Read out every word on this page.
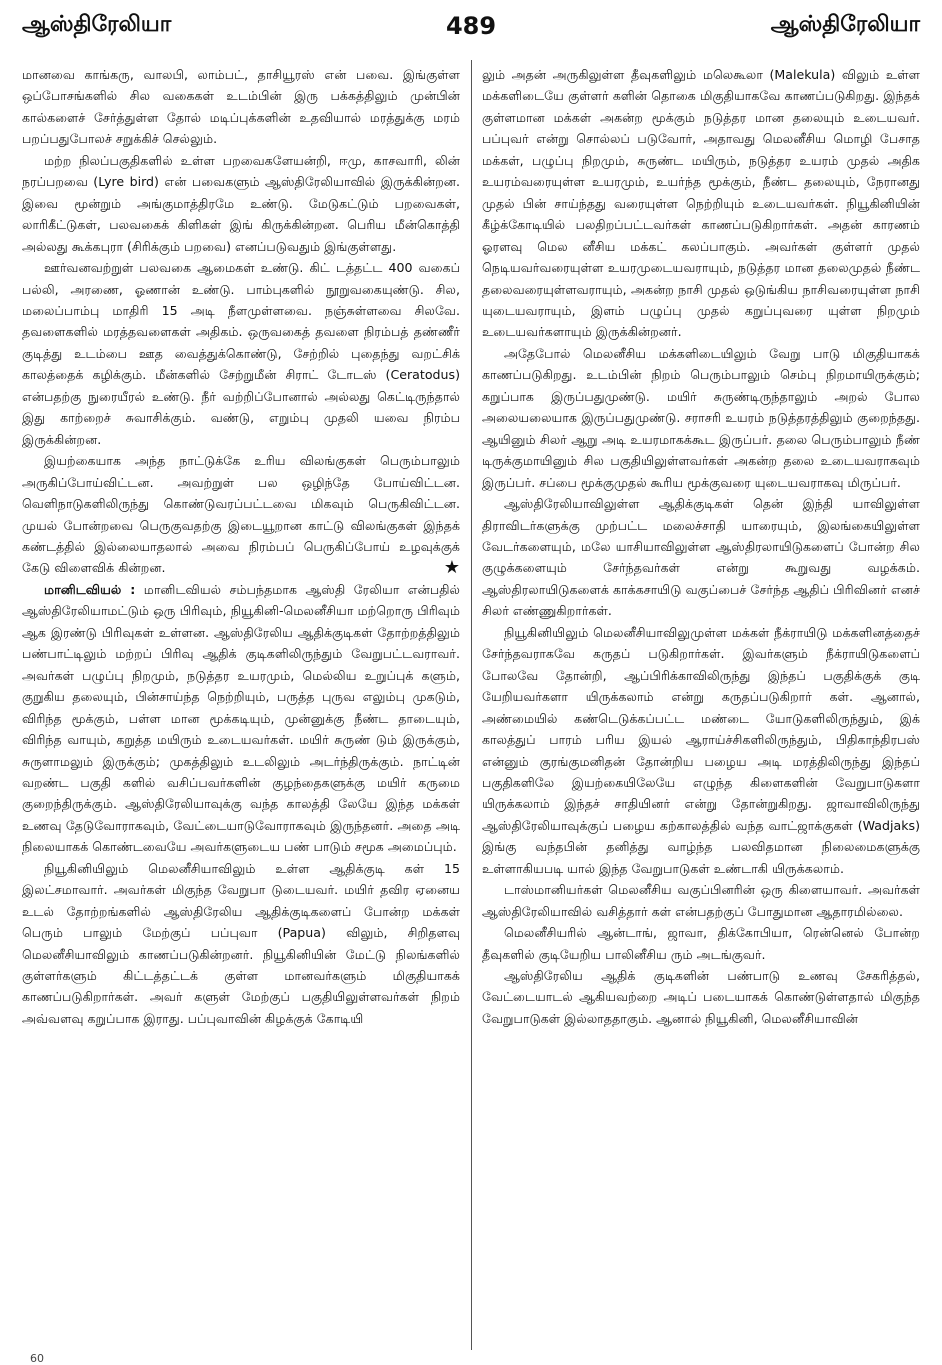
ஆஸ்திரேலியா	489	ஆஸ்திரேலியா

மானவை காங்கரு, வாலபி, லாம்பட், தாசியூரஸ் என் பவை. இங்குள்ள ஒப்போசங்களில் சில வகைகள் உடம்பின் இரு பக்கத்திலும் முன்பின் கால்களைச் சேர்த்துள்ள தோல் மடிப்புக்களின் உதவியால் மரத்துக்கு மரம் பறப்பதுபோலச் சறுக்கிச் செல்லும்.

மற்ற நிலப்பகுதிகளில் உள்ள பறவைகளேயன்றி, ஈமு, காசவாரி, லின் நரப்பறவை (Lyre bird) என் பவைகளும் ஆஸ்திரேலியாவில் இருக்கின்றன. இவை மூன்றும் அங்குமாத்திரமே உண்டு. மேடுகட்டும் பறவைகள், லாரிகீட்டுகள், பலவகைக் கிளிகள் இங் கிருக்கின்றன. பெரிய மீன்கொத்தி அல்லது கூக்கபுரா (சிரிக்கும் பறவை) எனப்படுவதும் இங்குள்ளது.

ஊர்வனவற்றுள் பலவகை ஆமைகள் உண்டு. கிட் டத்தட்ட 400 வகைப் பல்லி, அரணை, ஓணான் உண்டு. பாம்புகளில் நூறுவகையுண்டு. சில, மலைப்பாம்பு மாதிரி 15 அடி நீளமுள்ளவை. நஞ்சுள்ளவை சிலவே. தவளைகளில் மரத்தவளைகள் அதிகம். ஒருவகைத் தவளை நிரம்பத் தண்ணீர் குடித்து உடம்பை ஊத வைத்துக்கொண்டு, சேற்றில் புதைந்து வறட்சிக் காலத்தைக் கழிக்கும். மீன்களில் சேற்றுமீன் சிராட் டோடஸ் (Ceratodus) என்பதற்கு நுரையீரல் உண்டு. நீர் வற்றிப்போனால் அல்லது கெட்டிருந்தால் இது காற்றைச் சுவாசிக்கும். வண்டு, எறும்பு முதலி யவை நிரம்ப இருக்கின்றன.

இயற்கையாக அந்த நாட்டுக்கே உரிய விலங்குகள் பெரும்பாலும் அருகிப்போய்விட்டன. அவற்றுள் பல ஒழிந்தே போய்விட்டன. வெளிநாடுகளிலிருந்து கொண்டுவரப்பட்டவை மிகவும் பெருகிவிட்டன. முயல் போன்றவை பெருகுவதற்கு இடையூறான காட்டு விலங்குகள் இந்தக் கண்டத்தில் இல்லையாதலால் அவை நிரம்பப் பெருகிப்போய் உழவுக்குக் கேடு விளைவிக் கின்றன.	★

மானிடவியல் : மானிடவியல் சம்பந்தமாக ஆஸ்தி ரேலியா என்பதில் ஆஸ்திரேலியாமட்டும் ஒரு பிரிவும், நியூகினி-மெலனீசியா மற்றொரு பிரிவும் ஆக இரண்டு பிரிவுகள் உள்ளன. ஆஸ்திரேலிய ஆதிக்குடிகள் தோற்றத்திலும் பண்பாட்டிலும் மற்றப் பிரிவு ஆதிக் குடிகளிலிருந்தும் வேறுபட்டவராவர். அவர்கள் பழுப்பு நிறமும், நடுத்தர உயரமும், மெல்லிய உறுப்புக் களும், குறுகிய தலையும், பின்சாய்ந்த நெற்றியும், பருத்த புருவ எலும்பு முகடும், விரிந்த மூக்கும், பள்ள மான மூக்கடியும், முன்னுக்கு நீண்ட தாடையும், விரிந்த வாயும், கறுத்த மயிரும் உடையவர்கள். மயிர் சுருண் டும் இருக்கும், சுருளாமலும் இருக்கும்; முகத்திலும் உடலிலும் அடர்ந்திருக்கும். நாட்டின் வறண்ட பகுதி களில் வசிப்பவர்களின் குழந்தைகளுக்கு மயிர் கருமை குறைந்திருக்கும். ஆஸ்திரேலியாவுக்கு வந்த காலத்தி லேயே இந்த மக்கள் உணவு தேடுவோராகவும், வேட்டையாடுவோராகவும் இருந்தனர். அதை அடி நிலையாகக் கொண்டவையே அவர்களுடைய பண் பாடும் சமூக அமைப்பும்.

நியூகினியிலும் மெலனீசியாவிலும் உள்ள ஆதிக்குடி கள் 15 இலட்சமாவார். அவர்கள் மிகுந்த வேறுபா டுடையவர். மயிர் தவிர ஏனைய உடல் தோற்றங்களில் ஆஸ்திரேலிய ஆதிக்குடிகளைப் போன்ற மக்கள் பெரும் பாலும் மேற்குப் பப்புவா (Papua) விலும், சிறிதளவு மெலனீசியாவிலும் காணப்படுகின்றனர். நியூகினியின் மேட்டு நிலங்களில் குள்ளர்களும் கிட்டத்தட்டக் குள்ள மானவர்களும் மிகுதியாகக் காணப்படுகிறார்கள். அவர் களுள் மேற்குப் பகுதியிலுள்ளவர்கள் நிறம் அவ்வளவு கறுப்பாக இராது. பப்புவாவின் கிழக்குக் கோடியி

லும் அதன் அருகிலுள்ள தீவுகளிலும் மலெகூலா (Malekula) விலும் உள்ள மக்களிடையே குள்ளர் களின் தொகை மிகுதியாகவே காணப்படுகிறது. இந்தக் குள்ளமான மக்கள் அகன்ற மூக்கும் நடுத்தர மான தலையும் உடையவர். பப்புவர் என்று சொல்லப் படுவோர், அதாவது மெலனீசிய மொழி பேசாத மக்கள், பழுப்பு நிறமும், சுருண்ட மயிரும், நடுத்தர உயரம் முதல் அதிக உயரம்வரையுள்ள உயரமும், உயர்ந்த மூக்கும், நீண்ட தலையும், நேரானது முதல் பின் சாய்ந்தது வரையுள்ள நெற்றியும் உடையவர்கள். நியூகினியின் கீழ்க்கோடியில் பலதிறப்பட்டவர்கள் காணப்படுகிறார்கள். அதன் காரணம் ஓரளவு மெல னீசிய மக்கட் கலப்பாகும். அவர்கள் குள்ளர் முதல் நெடியவர்வரையுள்ள உயரமுடையவராயும், நடுத்தர மான தலைமுதல் நீண்ட தலைவரையுள்ளவராயும், அகன்ற நாசி முதல் ஒடுங்கிய நாசிவரையுள்ள நாசி யுடையவராயும், இளம் பழுப்பு முதல் கறுப்புவரை யுள்ள நிறமும் உடையவர்களாயும் இருக்கின்றனர்.

அதேபோல் மெலனீசிய மக்களிடையிலும் வேறு பாடு மிகுதியாகக் காணப்படுகிறது. உடம்பின் நிறம் பெரும்பாலும் செம்பு நிறமாயிருக்கும்; கறுப்பாக இருப்பதுமுண்டு. மயிர் சுருண்டிருந்தாலும் அறல் போல அலையலையாக இருப்பதுமுண்டு. சராசரி உயரம் நடுத்தரத்திலும் குறைந்தது. ஆயினும் சிலர் ஆறு அடி உயரமாகக்கூட இருப்பர். தலை பெரும்பாலும் நீண் டிருக்குமாயினும் சில பகுதியிலுள்ளவர்கள் அகன்ற தலை உடையவராகவும் இருப்பர். சப்பை மூக்குமுதல் கூரிய மூக்குவரை யுடையவராகவு மிருப்பர்.

ஆஸ்திரேலியாவிலுள்ள ஆதிக்குடிகள் தென் இந்தி யாவிலுள்ள திராவிடர்களுக்கு முற்பட்ட மலைச்சாதி யாரையும், இலங்கையிலுள்ள வேடர்களையும், மலே யாசியாவிலுள்ள ஆஸ்திரலாயிடுகளைப் போன்ற சில குழுக்களையும் சேர்ந்தவர்கள் என்று கூறுவது வழக்கம். ஆஸ்திரலாயிடுகளைக் காக்கசாயிடு வகுப்பைச் சேர்ந்த ஆதிப் பிரிவினர் எனச் சிலர் எண்ணுகிறார்கள்.

நியூகினியிலும் மெலனீசியாவிலுமுள்ள மக்கள் நீக்ராயிடு மக்களினத்தைச் சேர்ந்தவராகவே கருதப் படுகிறார்கள். இவர்களும் நீக்ராயிடுகளைப் போலவே தோன்றி, ஆப்பிரிக்காவிலிருந்து இந்தப் பகுதிக்குக் குடி யேறியவர்களா யிருக்கலாம் என்று கருதப்படுகிறார் கள். ஆனால், அண்மையில் கண்டெடுக்கப்பட்ட மண்டை யோடுகளிலிருந்தும், இக் காலத்துப் பாரம் பரிய இயல் ஆராய்ச்சிகளிலிருந்தும், பிதிகாந்திரபஸ் என்னும் குரங்குமனிதன் தோன்றிய பழைய அடி மரத்திலிருந்து இந்தப் பகுதிகளிலே இயற்கையிலேயே எழுந்த கிளைகளின் வேறுபாடுகளா யிருக்கலாம் இந்தச் சாதியினர் என்று தோன்றுகிறது. ஜாவாவிலிருந்து ஆஸ்திரேலியாவுக்குப் பழைய கற்காலத்தில் வந்த வாட்ஜாக்குகள் (Wadjaks) இங்கு வந்தபின் தனித்து வாழ்ந்த பலவிதமான நிலைமைகளுக்கு உள்ளாகியபடி யால் இந்த வேறுபாடுகள் உண்டாகி யிருக்கலாம்.

டாஸ்மானியர்கள் மெலனீசிய வகுப்பினரின் ஒரு கிளையாவர். அவர்கள் ஆஸ்திரேலியாவில் வசித்தார் கள் என்பதற்குப் போதுமான ஆதாரமில்லை.

மெலனீசியரில் ஆன்டாங், ஜாவா, திக்கோபியா, ரென்னெல் போன்ற தீவுகளில் குடியேறிய பாலினீசிய ரும் அடங்குவர்.

ஆஸ்திரேலிய ஆதிக் குடிகளின் பண்பாடு உணவு சேகரித்தல், வேட்டையாடல் ஆகியவற்றை அடிப் படையாகக் கொண்டுள்ளதால் மிகுந்த வேறுபாடுகள் இல்லாததாகும். ஆனால் நியூகினி, மெலனீசியாவின்

60
